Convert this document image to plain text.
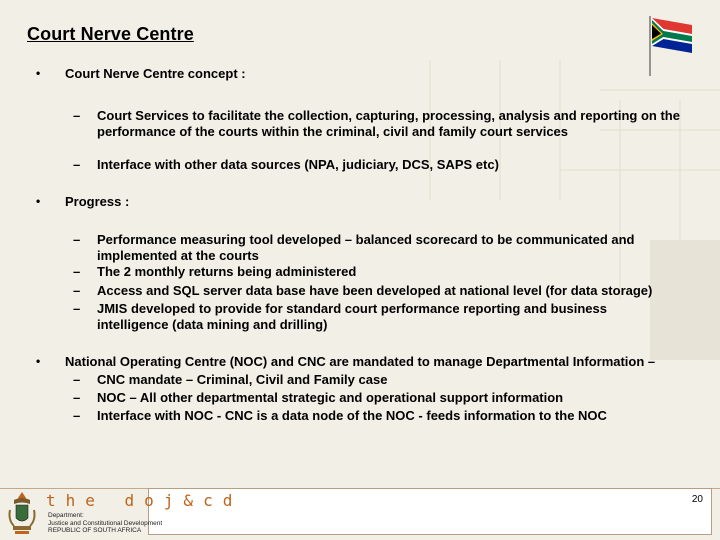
Court Nerve Centre
• Court Nerve Centre concept :
– Court Services to facilitate the collection, capturing, processing, analysis and reporting on the performance of the courts within the criminal, civil and family court services
– Interface with other data sources (NPA, judiciary, DCS, SAPS etc)
• Progress :
– Performance measuring tool developed – balanced scorecard to be communicated and implemented at the courts
– The 2 monthly returns being administered
– Access and SQL server data base have been developed at national level (for data storage)
– JMIS developed to provide for standard court performance reporting and business intelligence (data mining and drilling)
• National Operating Centre (NOC) and CNC are mandated to manage Departmental Information –
– CNC mandate – Criminal, Civil and Family case
– NOC – All other departmental strategic and operational support information
– Interface with NOC - CNC is a data node of the NOC - feeds information to the NOC
20
the doj&cd
Department:
Justice and Constitutional Development
REPUBLIC OF SOUTH AFRICA
